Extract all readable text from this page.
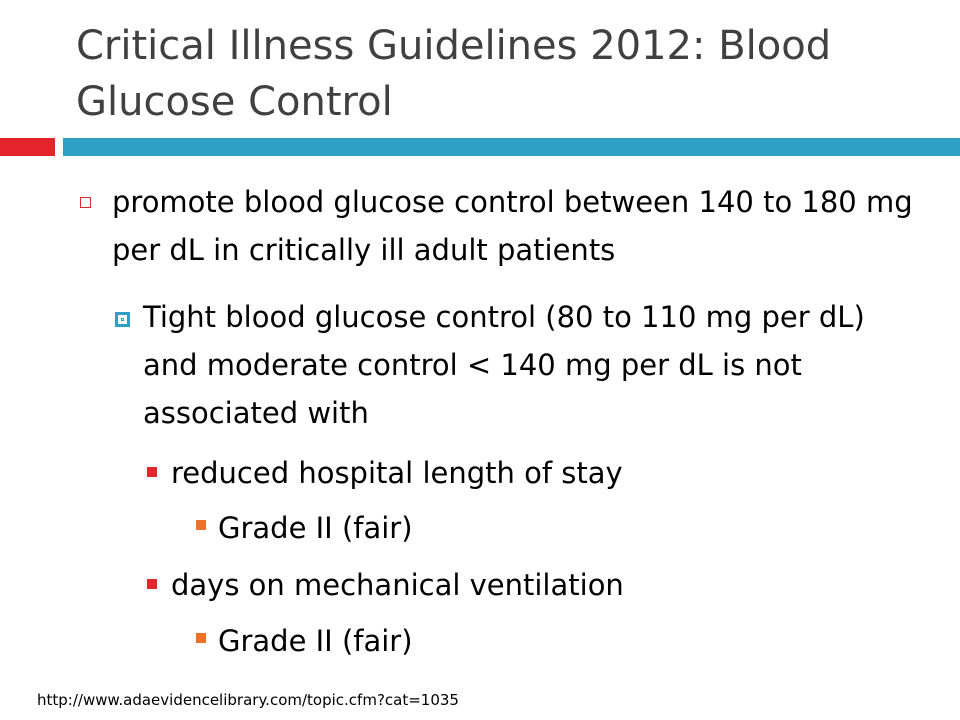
Critical Illness Guidelines 2012: Blood Glucose Control
promote blood glucose control between 140 to 180 mg per dL in critically ill adult patients
Tight blood glucose control (80 to 110 mg per dL) and moderate control < 140 mg per dL is not associated with
reduced hospital length of stay
Grade II (fair)
days on mechanical ventilation
Grade II (fair)
http://www.adaevidencelibrary.com/topic.cfm?cat=1035
